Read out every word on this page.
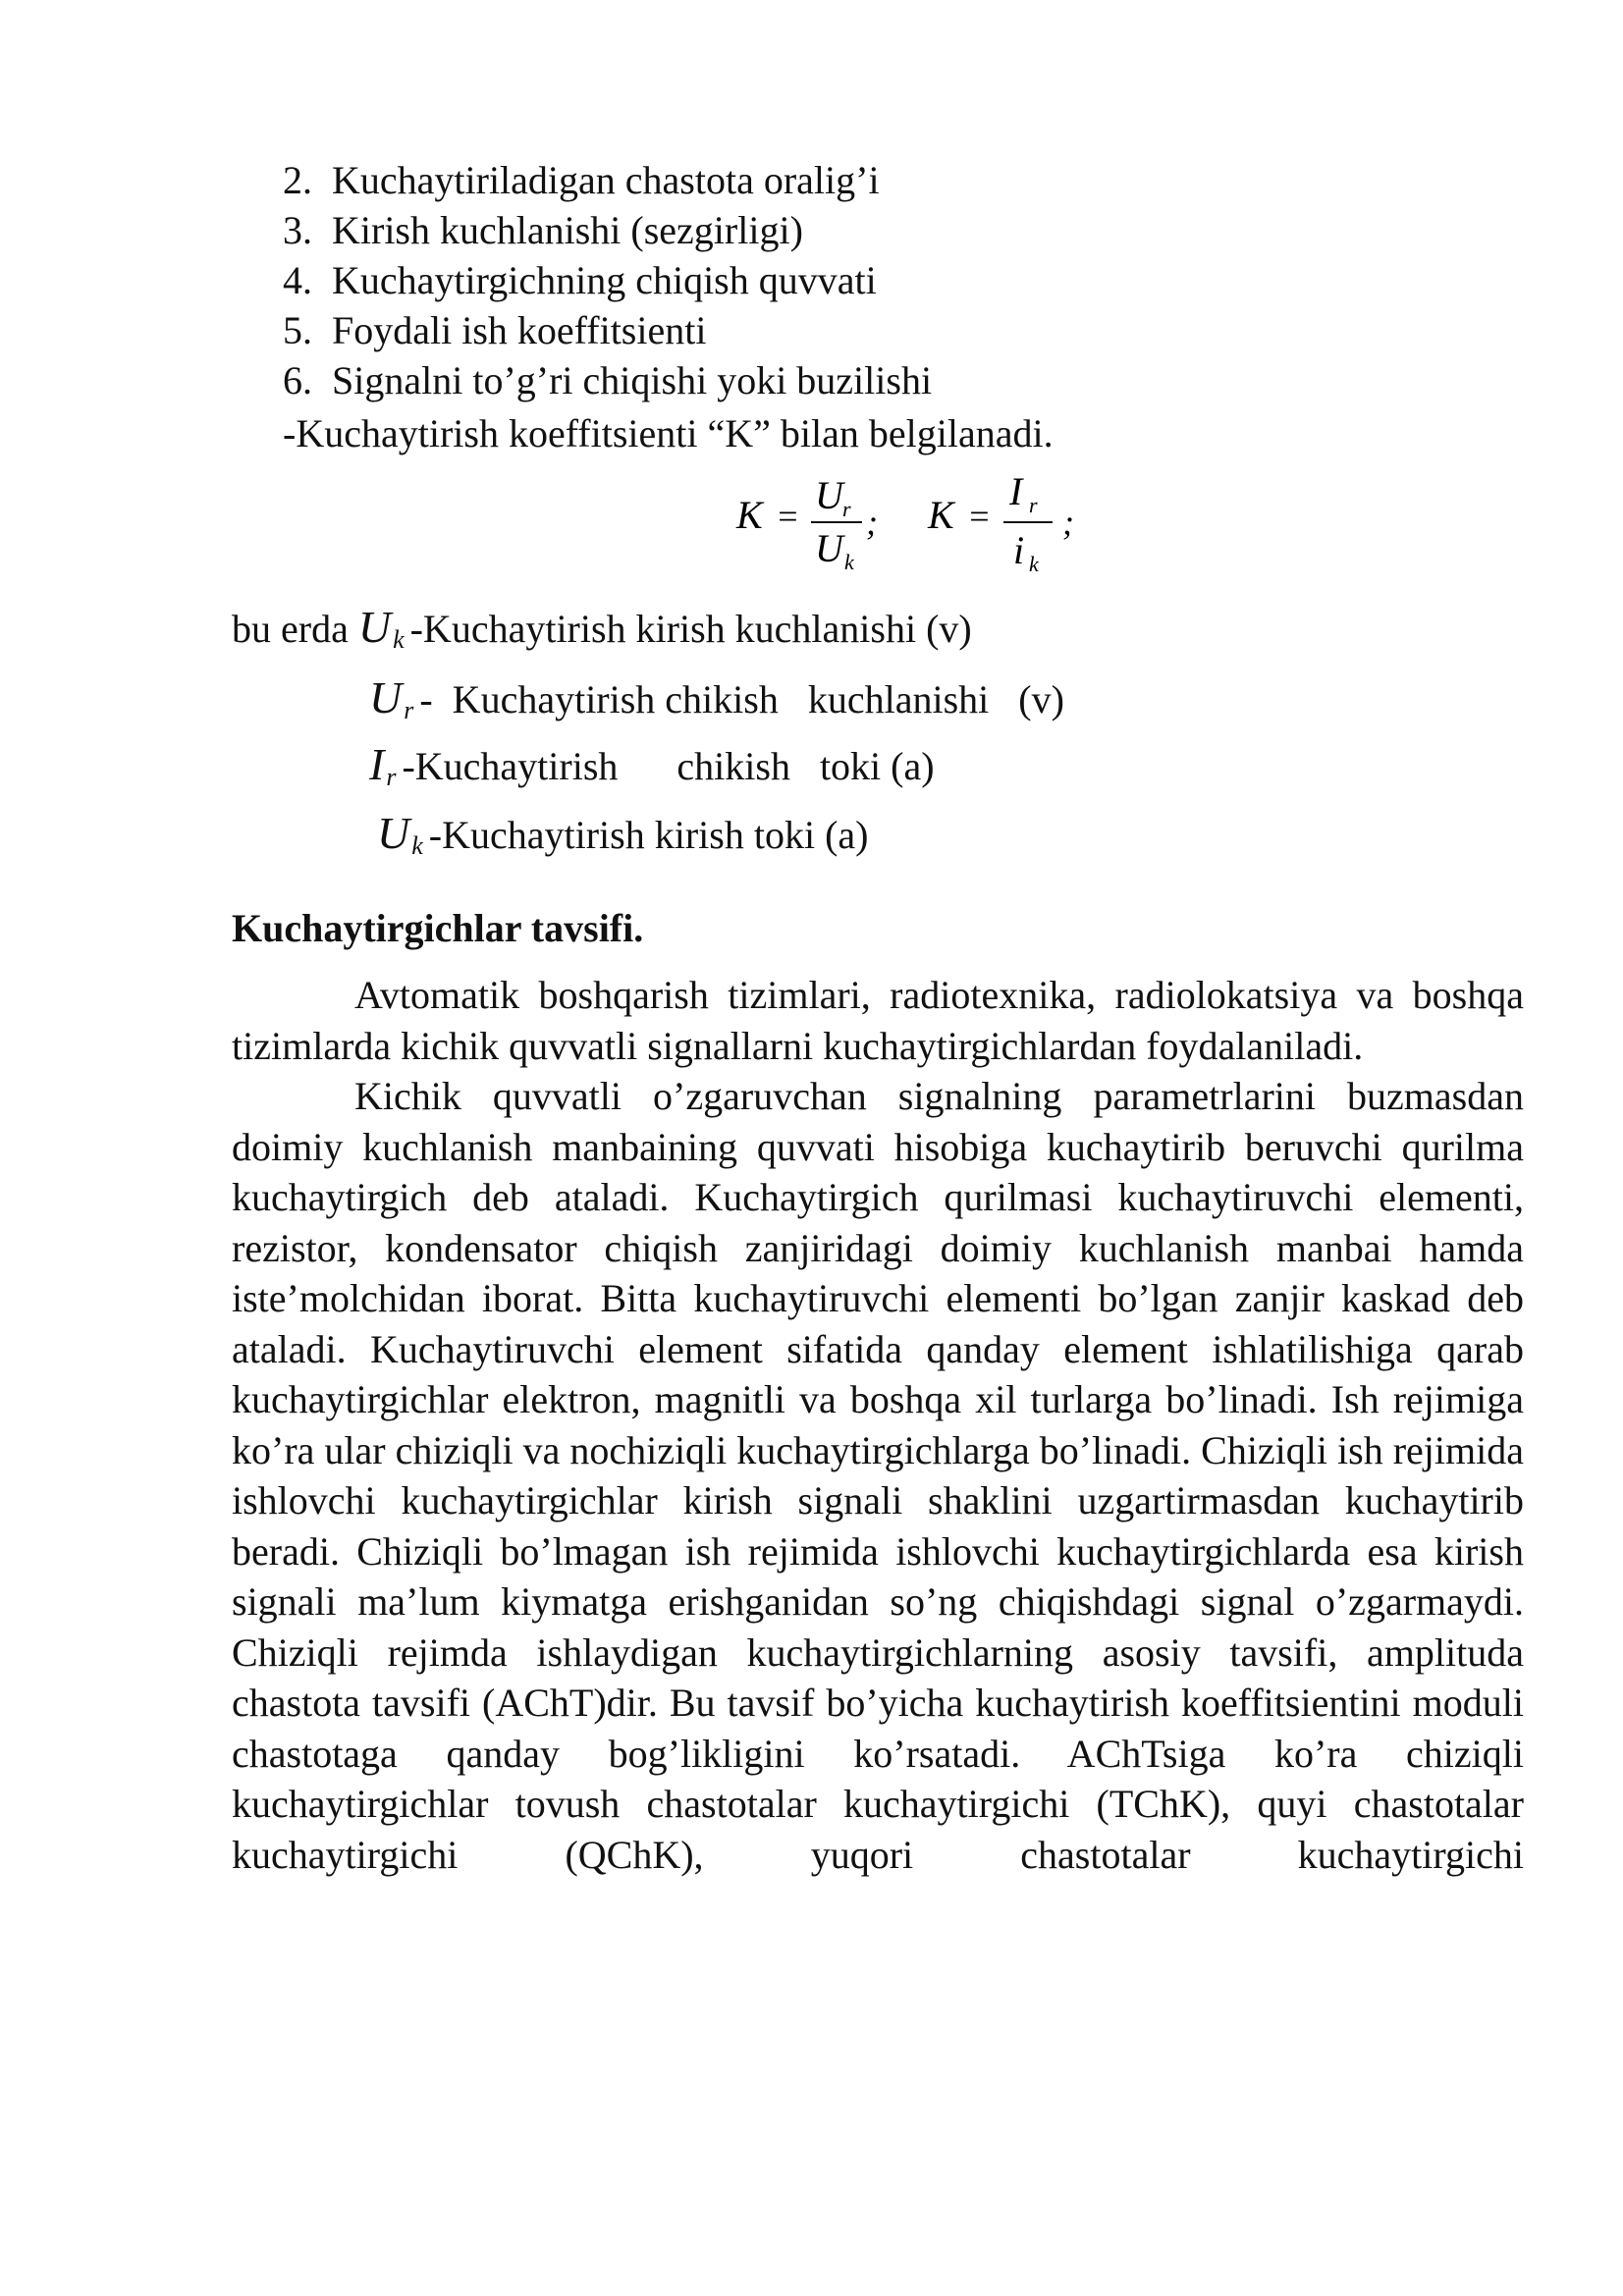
2. Kuchaytiriladigan chastota oralig’i
3. Kirish kuchlanishi (sezgirligi)
4. Kuchaytirgichning chiqish quvvati
5. Foydali ish koeffitsienti
6. Signalni to’g’ri chiqishi yoki buzilishi
-Kuchaytirish koeffitsienti “K” bilan belgilanadi.
K = U r
U k
; K =
I r
i k
;
bu erda $U_k$ -Kuchaytirish kirish kuchlanishi (v)
$U_r$ -  Kuchaytirish chikish   kuchlanishi   (v)
$I_r$ -Kuchaytirish      chikish   toki (a)
$U_k$ -Kuchaytirish kirish toki (a)
Kuchaytirgichlar tavsifi.

Avtomatik boshqarish tizimlari, radiotexnika, radiolokatsiya va boshqa tizimlarda kichik quvvatli signallarni kuchaytirgichlardan foydalaniladi.

Kichik quvvatli o’zgaruvchan signalning parametrlarini buzmasdan doimiy kuchlanish manbaining quvvati hisobiga kuchaytirib beruvchi qurilma kuchaytirgich deb ataladi. Kuchaytirgich qurilmasi kuchaytiruvchi elementi, rezistor, kondensator chiqish zanjiridagi doimiy kuchlanish manbai hamda iste’molchidan iborat. Bitta kuchaytiruvchi elementi bo’lgan zanjir kaskad deb ataladi. Kuchaytiruvchi element sifatida qanday element ishlatilishiga qarab kuchaytirgichlar elektron, magnitli va boshqa xil turlarga bo’linadi. Ish rejimiga ko’ra ular chiziqli va nochiziqli kuchaytirgichlarga bo’linadi. Chiziqli ish rejimida ishlovchi kuchaytirgichlar kirish signali shaklini uzgartirmasdan kuchaytirib beradi. Chiziqli bo’lmagan ish rejimida ishlovchi kuchaytirgichlarda esa kirish signali ma’lum kiymatga erishganidan so’ng chiqishdagi signal o’zgarmaydi. Chiziqli rejimda ishlaydigan kuchaytirgichlarning asosiy tavsifi, amplituda chastota tavsifi (AChT)dir. Bu tavsif bo’yicha kuchaytirish koeffitsientini moduli chastotaga qanday bog’likligini ko’rsatadi. AChTsiga ko’ra chiziqli kuchaytirgichlar tovush chastotalar kuchaytirgichi (TChK), quyi chastotalar kuchaytirgichi (QChK), yuqori chastotalar kuchaytirgichi
